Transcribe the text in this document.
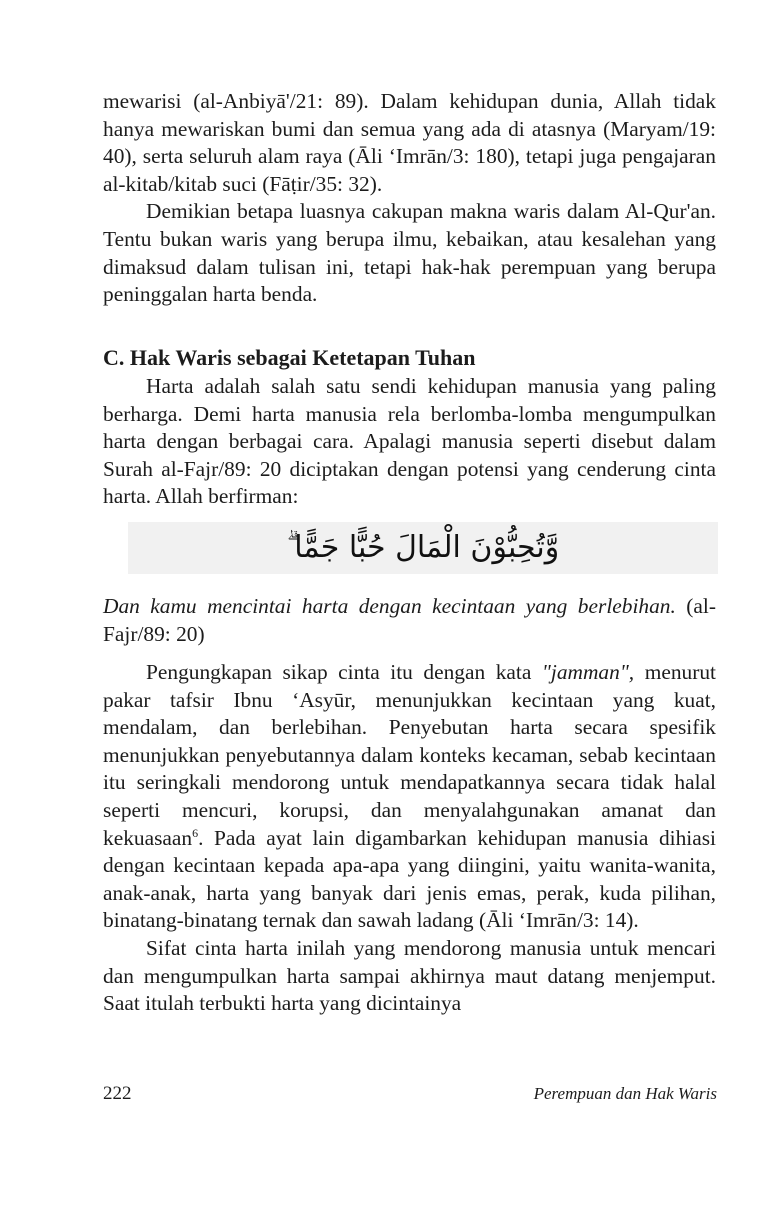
mewarisi (al-Anbiyā'/21: 89). Dalam kehidupan dunia, Allah tidak hanya mewariskan bumi dan semua yang ada di atasnya (Maryam/19: 40), serta seluruh alam raya (Āli ‘Imrān/3: 180), tetapi juga pengajaran al-kitab/kitab suci (Fāṭir/35: 32).

Demikian betapa luasnya cakupan makna waris dalam Al-Qur'an. Tentu bukan waris yang berupa ilmu, kebaikan, atau kesalehan yang dimaksud dalam tulisan ini, tetapi hak-hak perempuan yang berupa peninggalan harta benda.

C. Hak Waris sebagai Ketetapan Tuhan

Harta adalah salah satu sendi kehidupan manusia yang paling berharga. Demi harta manusia rela berlomba-lomba mengumpulkan harta dengan berbagai cara. Apalagi manusia seperti disebut dalam Surah al-Fajr/89: 20 diciptakan dengan potensi yang cenderung cinta harta. Allah berfirman:

وَّتُحِبُّوْنَ الْمَالَ حُبًّا جَمًّا ۗ

Dan kamu mencintai harta dengan kecintaan yang berlebihan. (al-Fajr/89: 20)

Pengungkapan sikap cinta itu dengan kata "jamman", menurut pakar tafsir Ibnu ‘Asyūr, menunjukkan kecintaan yang kuat, mendalam, dan berlebihan. Penyebutan harta secara spesifik menunjukkan penyebutannya dalam konteks kecaman, sebab kecintaan itu seringkali mendorong untuk mendapatkannya secara tidak halal seperti mencuri, korupsi, dan menyalahgunakan amanat dan kekuasaan$^6$. Pada ayat lain digambarkan kehidupan manusia dihiasi dengan kecintaan kepada apa-apa yang diingini, yaitu wanita-wanita, anak-anak, harta yang banyak dari jenis emas, perak, kuda pilihan, binatang-binatang ternak dan sawah ladang (Āli ‘Imrān/3: 14).

Sifat cinta harta inilah yang mendorong manusia untuk mencari dan mengumpulkan harta sampai akhirnya maut datang menjemput. Saat itulah terbukti harta yang dicintainya

222	Perempuan dan Hak Waris
